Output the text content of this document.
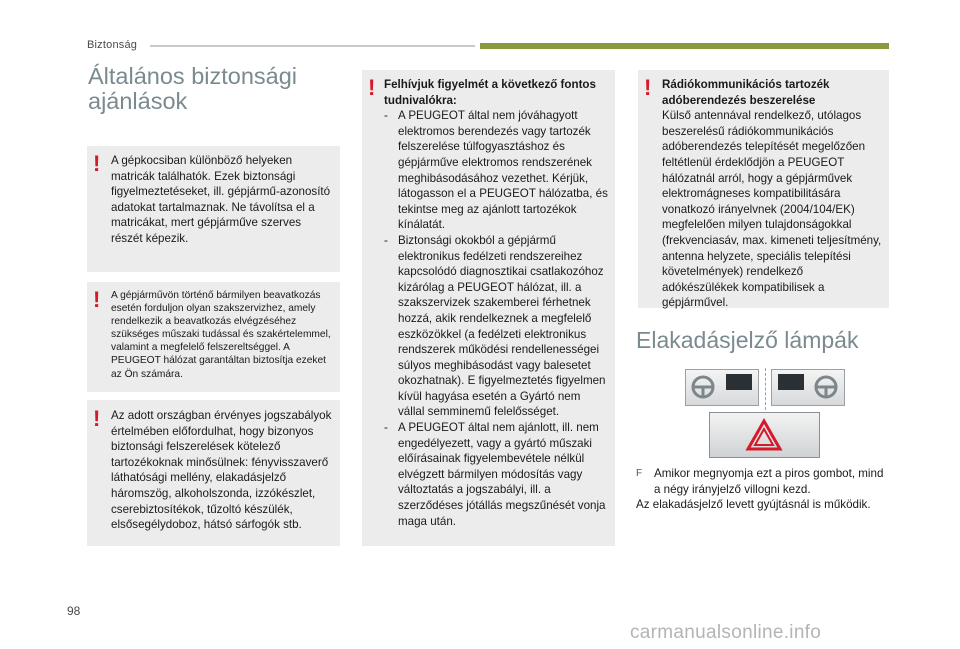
Biztonság
Általános biztonsági ajánlások
! A gépkocsiban különböző helyeken matricák találhatók. Ezek biztonsági figyelmeztetéseket, ill. gépjármű-azonosító adatokat tartalmaznak. Ne távolítsa el a matricákat, mert gépjárműve szerves részét képezik.

! A gépjárművön történő bármilyen beavatkozás esetén forduljon olyan szakszervizhez, amely rendelkezik a beavatkozás elvégzéséhez szükséges műszaki tudással és szakértelemmel, valamint a megfelelő felszereltséggel. A PEUGEOT hálózat garantáltan biztosítja ezeket az Ön számára.

! Az adott országban érvényes jogszabályok értelmében előfordulhat, hogy bizonyos biztonsági felszerelések kötelező tartozékoknak minősülnek: fényvisszaverő láthatósági mellény, elakadásjelző háromszög, alkoholszonda, izzókészlet, cserebiztosítékok, tűzoltó készülék, elsősegélydoboz, hátsó sárfogók stb.

! Felhívjuk figyelmét a következő fontos tudnivalókra:
- A PEUGEOT által nem jóváhagyott elektromos berendezés vagy tartozék felszerelése túlfogyasztáshoz és gépjárműve elektromos rendszerének meghibásodásához vezethet. Kérjük, látogasson el a PEUGEOT hálózatba, és tekintse meg az ajánlott tartozékok kínálatát.
- Biztonsági okokból a gépjármű elektronikus fedélzeti rendszereihez kapcsolódó diagnosztikai csatlakozóhoz kizárólag a PEUGEOT hálózat, ill. a szakszervizek szakemberei férhetnek hozzá, akik rendelkeznek a megfelelő eszközökkel (a fedélzeti elektronikus rendszerek működési rendellenességei súlyos meghibásodást vagy balesetet okozhatnak). E figyelmeztetés figyelmen kívül hagyása esetén a Gyártó nem vállal semminemű felelősséget.
- A PEUGEOT által nem ajánlott, ill. nem engedélyezett, vagy a gyártó műszaki előírásainak figyelembevétele nélkül elvégzett bármilyen módosítás vagy változtatás a jogszabályi, ill. a szerződéses jótállás megszűnését vonja maga után.
! Rádiókommunikációs tartozék adóberendezés beszerelése

Külső antennával rendelkező, utólagos beszerelésű rádiókommunikációs adóberendezés telepítését megelőzően feltétlenül érdeklődjön a PEUGEOT hálózatnál arról, hogy a gépjárművek elektromágneses kompatibilitására vonatkozó irányelvnek (2004/104/EK) megfelelően milyen tulajdonságokkal (frekvenciasáv, max. kimeneti teljesítmény, antenna helyzete, speciális telepítési követelmények) rendelkező adókészülékek kompatibilisek a gépjárművel.

Elakadásjelző lámpák
F	Amikor megnyomja ezt a piros gombot, mind a négy irányjelző villogni kezd.
Az elakadásjelző levett gyújtásnál is működik.
98
carmanualsonline.info
